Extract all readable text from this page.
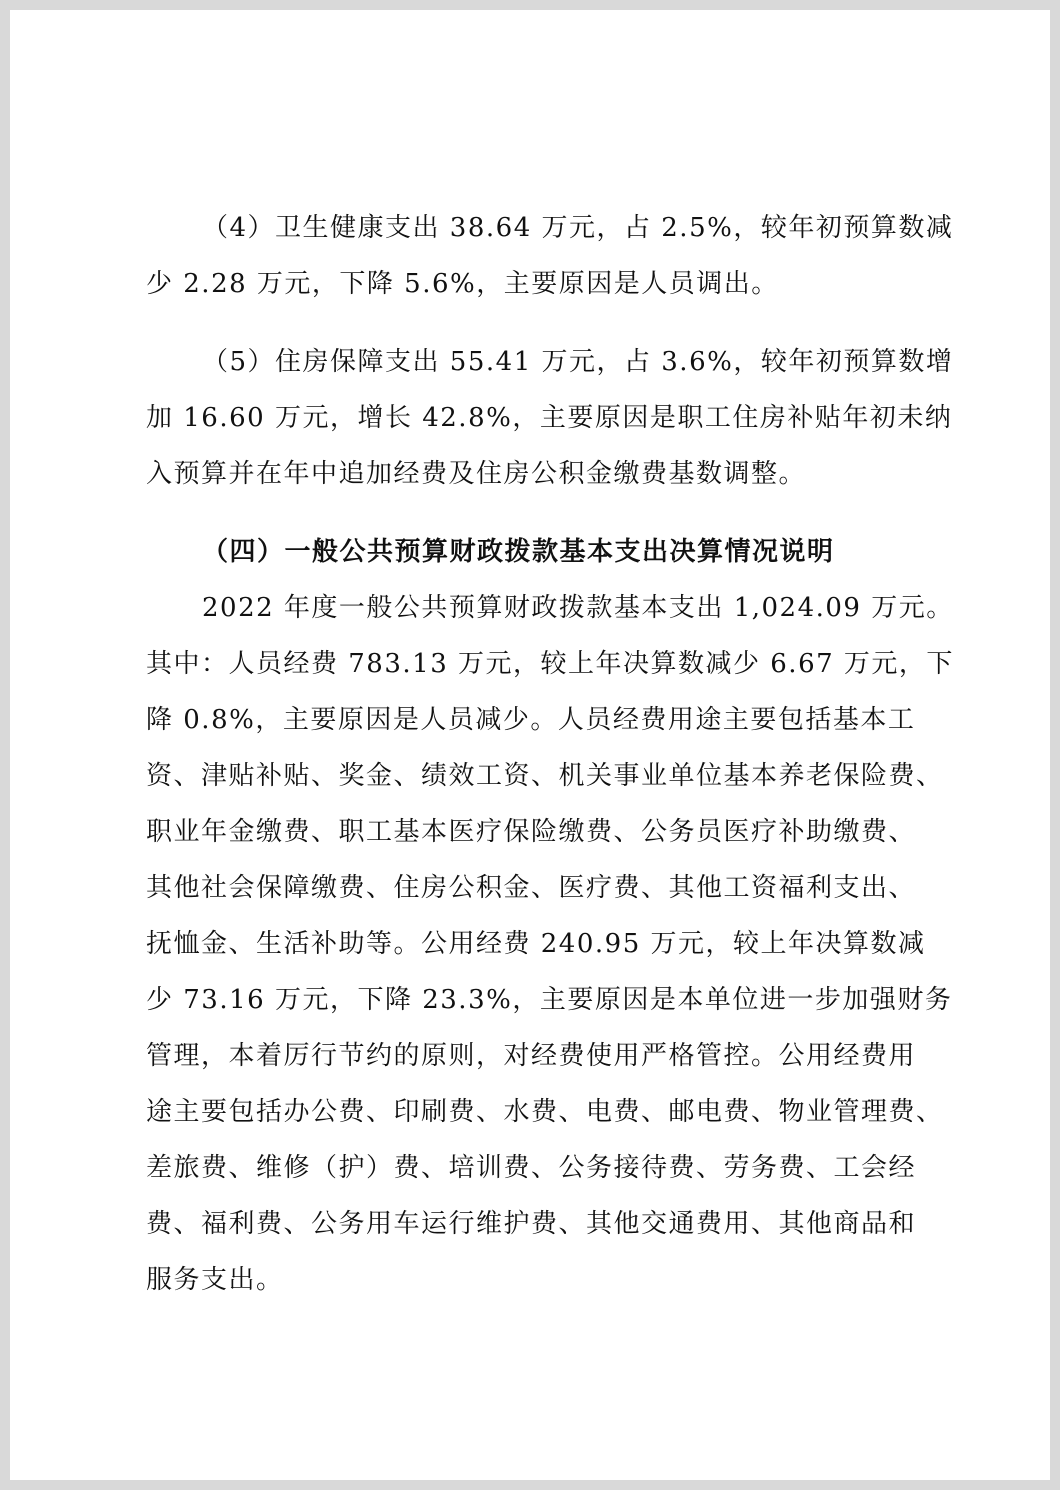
（4）卫生健康支出 38.64 万元，占 2.5%，较年初预算数减

少 2.28 万元，下降 5.6%，主要原因是人员调出。

（5）住房保障支出 55.41 万元，占 3.6%，较年初预算数增

加 16.60 万元，增长 42.8%，主要原因是职工住房补贴年初未纳

入预算并在年中追加经费及住房公积金缴费基数调整。

（四）一般公共预算财政拨款基本支出决算情况说明

2022 年度一般公共预算财政拨款基本支出 1,024.09 万元。

其中：人员经费 783.13 万元，较上年决算数减少 6.67 万元，下

降 0.8%，主要原因是人员减少。人员经费用途主要包括基本工

资、津贴补贴、奖金、绩效工资、机关事业单位基本养老保险费、

职业年金缴费、职工基本医疗保险缴费、公务员医疗补助缴费、

其他社会保障缴费、住房公积金、医疗费、其他工资福利支出、

抚恤金、生活补助等。公用经费 240.95 万元，较上年决算数减

少 73.16 万元，下降 23.3%，主要原因是本单位进一步加强财务

管理，本着厉行节约的原则，对经费使用严格管控。公用经费用

途主要包括办公费、印刷费、水费、电费、邮电费、物业管理费、

差旅费、维修（护）费、培训费、公务接待费、劳务费、工会经

费、福利费、公务用车运行维护费、其他交通费用、其他商品和

服务支出。
